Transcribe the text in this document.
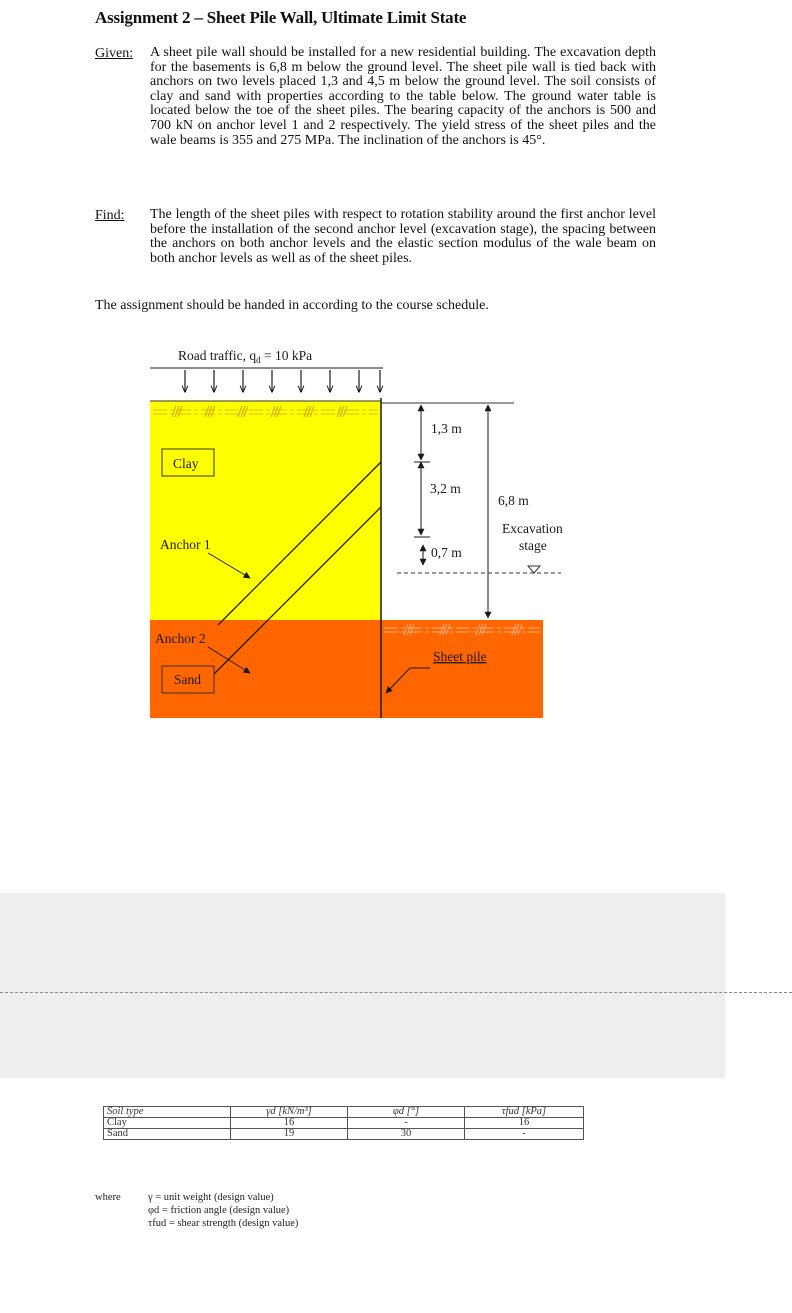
Assignment 2 – Sheet Pile Wall, Ultimate Limit State
Given: A sheet pile wall should be installed for a new residential building. The excavation depth for the basements is 6,8 m below the ground level. The sheet pile wall is tied back with anchors on two levels placed 1,3 and 4,5 m below the ground level. The soil consists of clay and sand with properties according to the table below. The ground water table is located below the toe of the sheet piles. The bearing capacity of the anchors is 500 and 700 kN on anchor level 1 and 2 respectively. The yield stress of the sheet piles and the wale beams is 355 and 275 MPa. The inclination of the anchors is 45°.
Find: The length of the sheet piles with respect to rotation stability around the first anchor level before the installation of the second anchor level (excavation stage), the spacing between the anchors on both anchor levels and the elastic section modulus of the wale beam on both anchor levels as well as of the sheet piles.
The assignment should be handed in according to the course schedule.
Road traffic, $q_d = 10$ kPa
Clay
Sand
Anchor 1
Anchor 2
Sheet pile
1,3 m
3,2 m
0,7 m
6,8 m
Excavation
stage
Soil type	γd [kN/m³]	φd [°]	τfud [kPa]
Clay	16	-	16
Sand	19	30	-
where	γ = unit weight (design value)
φd = friction angle (design value)
τfud = shear strength (design value)
